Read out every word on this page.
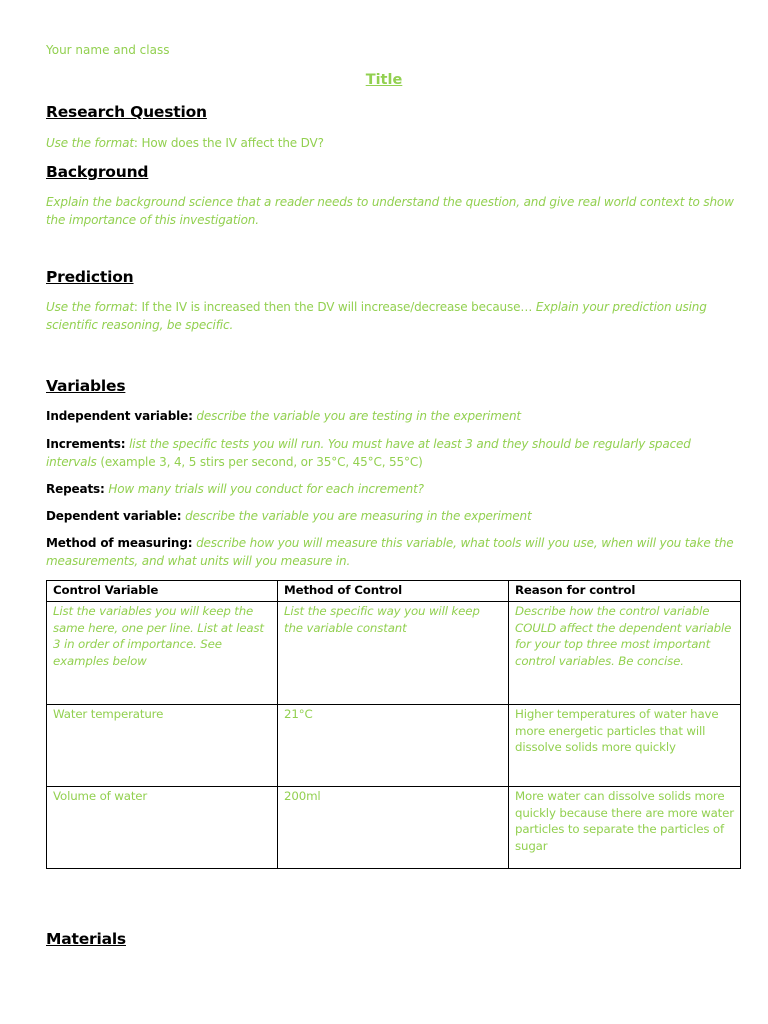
Your name and class
Title
Research Question
Use the format: How does the IV affect the DV?
Background
Explain the background science that a reader needs to understand the question, and give real world context to show the importance of this investigation.
Prediction
Use the format: If the IV is increased then the DV will increase/decrease because… Explain your prediction using scientific reasoning, be specific.
Variables
Independent variable: describe the variable you are testing in the experiment
Increments: list the specific tests you will run. You must have at least 3 and they should be regularly spaced intervals (example 3, 4, 5 stirs per second, or 35°C, 45°C, 55°C)
Repeats: How many trials will you conduct for each increment?
Dependent variable: describe the variable you are measuring in the experiment
Method of measuring: describe how you will measure this variable, what tools will you use, when will you take the measurements, and what units will you measure in.
Control Variable	Method of Control	Reason for control
List the variables you will keep the same here, one per line. List at least 3 in order of importance. See examples below	List the specific way you will keep the variable constant	Describe how the control variable COULD affect the dependent variable for your top three most important control variables. Be concise.
Water temperature	21°C	Higher temperatures of water have more energetic particles that will dissolve solids more quickly
Volume of water	200ml	More water can dissolve solids more quickly because there are more water particles to separate the particles of sugar
Materials
